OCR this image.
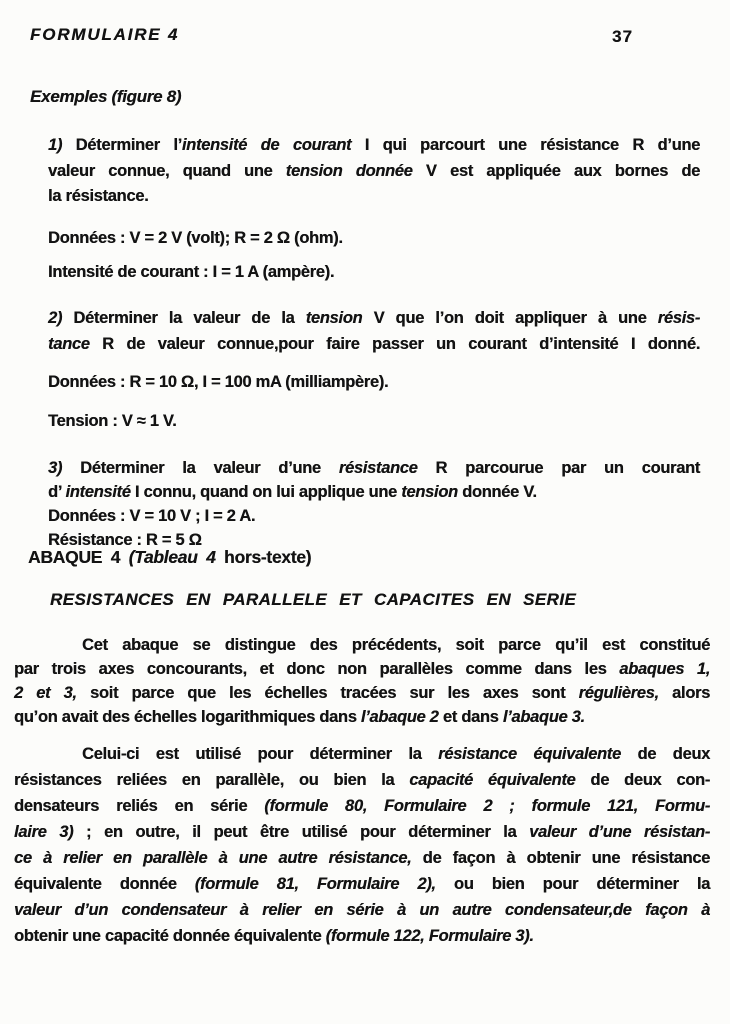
FORMULAIRE 4	37
Exemples (figure 8)
1) Déterminer l’intensité de courant I qui parcourt une résistance R d’une
valeur connue, quand une tension donnée V est appliquée aux bornes de
la résistance.
Données : V = 2 V (volt); R = 2 Ω (ohm).
Intensité de courant : I = 1 A (ampère).
2) Déterminer la valeur de la tension V que l’on doit appliquer à une résis-
tance R de valeur connue,pour faire passer un courant d’intensité I donné.
Données : R = 10 Ω, I = 100 mA (milliampère).
Tension : V ≈ 1 V.
3) Déterminer la valeur d’une résistance R parcourue par un courant
d’ intensité I connu, quand on lui applique une tension donnée V.
Données : V = 10 V ; I = 2 A.
Résistance : R = 5 Ω
ABAQUE 4 (Tableau 4 hors-texte)
RESISTANCES EN PARALLELE ET CAPACITES EN SERIE
Cet abaque se distingue des précédents, soit parce qu’il est constitué
par trois axes concourants, et donc non parallèles comme dans les abaques 1,
2 et 3, soit parce que les échelles tracées sur les axes sont régulières, alors
qu’on avait des échelles logarithmiques dans l’abaque 2 et dans l’abaque 3.
Celui-ci est utilisé pour déterminer la résistance équivalente de deux
résistances reliées en parallèle, ou bien la capacité équivalente de deux con-
densateurs reliés en série (formule 80, Formulaire 2 ; formule 121, Formu-
laire 3) ; en outre, il peut être utilisé pour déterminer la valeur d’une résistan-
ce à relier en parallèle à une autre résistance, de façon à obtenir une résistance
équivalente donnée (formule 81, Formulaire 2), ou bien pour déterminer la
valeur d’un condensateur à relier en série à un autre condensateur,de façon à
obtenir une capacité donnée équivalente (formule 122, Formulaire 3).
